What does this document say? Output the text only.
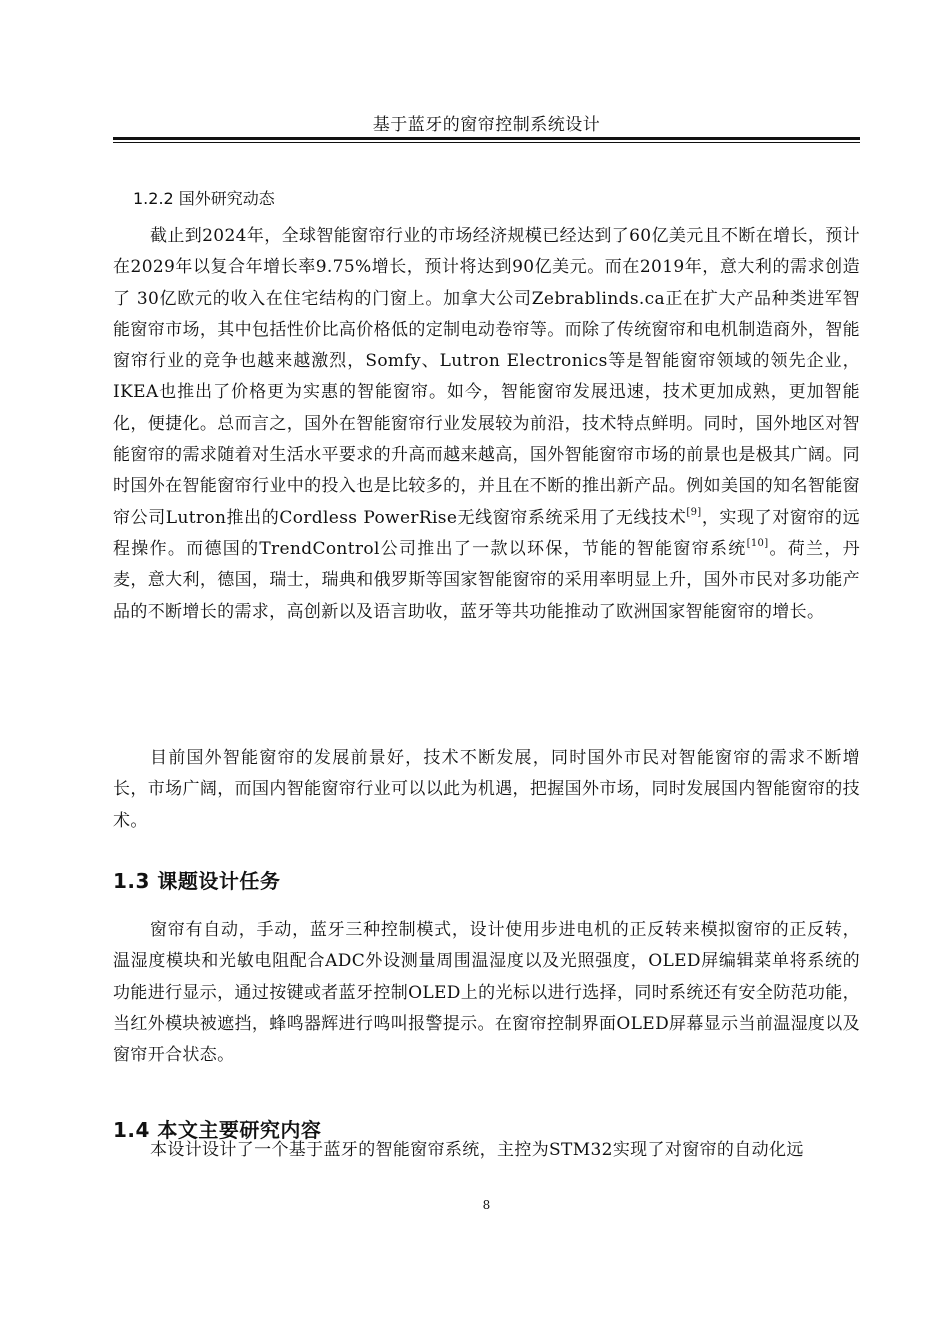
基于蓝牙的窗帘控制系统设计
1.2.2 国外研究动态

截止到2024年，全球智能窗帘行业的市场经济规模已经达到了60亿美元且不断在增长，预计在2029年以复合年增长率9.75%增长，预计将达到90亿美元。而在2019年，意大利的需求创造了 30亿欧元的收入在住宅结构的门窗上。加拿大公司Zebrablinds.ca正在扩大产品种类进军智能窗帘市场，其中包括性价比高价格低的定制电动卷帘等。而除了传统窗帘和电机制造商外，智能窗帘行业的竞争也越来越激烈，Somfy、Lutron Electronics等是智能窗帘领域的领先企业，IKEA也推出了价格更为实惠的智能窗帘。如今，智能窗帘发展迅速，技术更加成熟，更加智能化，便捷化。总而言之，国外在智能窗帘行业发展较为前沿，技术特点鲜明。同时，国外地区对智能窗帘的需求随着对生活水平要求的升高而越来越高，国外智能窗帘市场的前景也是极其广阔。同时国外在智能窗帘行业中的投入也是比较多的，并且在不断的推出新产品。例如美国的知名智能窗帘公司Lutron推出的Cordless PowerRise无线窗帘系统采用了无线技术[9]，实现了对窗帘的远程操作。而德国的TrendControl公司推出了一款以环保，节能的智能窗帘系统[10]。荷兰，丹麦，意大利，德国，瑞士，瑞典和俄罗斯等国家智能窗帘的采用率明显上升，国外市民对多功能产品的不断增长的需求，高创新以及语言助收，蓝牙等共功能推动了欧洲国家智能窗帘的增长。

目前国外智能窗帘的发展前景好，技术不断发展，同时国外市民对智能窗帘的需求不断增长，市场广阔，而国内智能窗帘行业可以以此为机遇，把握国外市场，同时发展国内智能窗帘的技术。

1.3 课题设计任务

窗帘有自动，手动，蓝牙三种控制模式，设计使用步进电机的正反转来模拟窗帘的正反转，温湿度模块和光敏电阻配合ADC外设测量周围温湿度以及光照强度，OLED屏编辑菜单将系统的功能进行显示，通过按键或者蓝牙控制OLED上的光标以进行选择，同时系统还有安全防范功能，当红外模块被遮挡，蜂鸣器辉进行鸣叫报警提示。在窗帘控制界面OLED屏幕显示当前温湿度以及窗帘开合状态。

1.4 本文主要研究内容

本设计设计了一个基于蓝牙的智能窗帘系统，主控为STM32实现了对窗帘的自动化远

8
